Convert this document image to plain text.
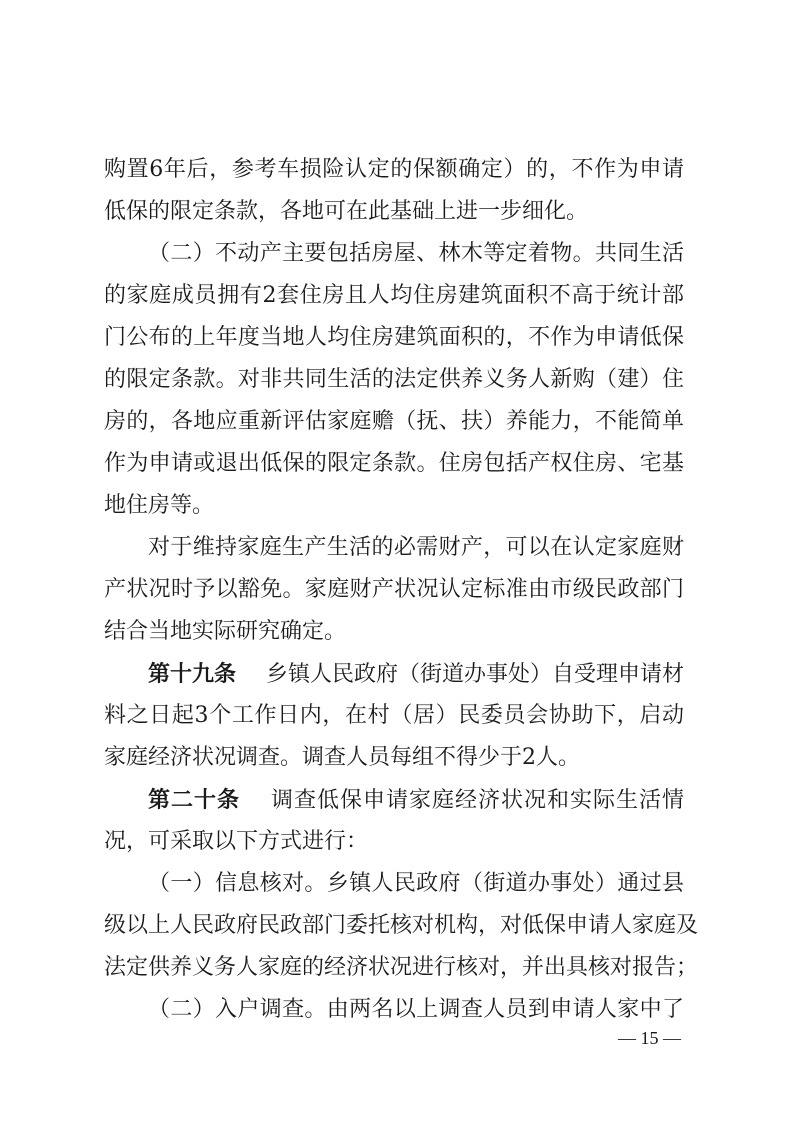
购置6年后，参考车损险认定的保额确定）的，不作为申请
低保的限定条款，各地可在此基础上进一步细化。
（二）不动产主要包括房屋、林木等定着物。共同生活
的家庭成员拥有2套住房且人均住房建筑面积不高于统计部
门公布的上年度当地人均住房建筑面积的，不作为申请低保
的限定条款。对非共同生活的法定供养义务人新购（建）住
房的，各地应重新评估家庭赡（抚、扶）养能力，不能简单
作为申请或退出低保的限定条款。住房包括产权住房、宅基
地住房等。
对于维持家庭生产生活的必需财产，可以在认定家庭财
产状况时予以豁免。家庭财产状况认定标准由市级民政部门
结合当地实际研究确定。
第十九条 乡镇人民政府（街道办事处）自受理申请材
料之日起3个工作日内，在村（居）民委员会协助下，启动
家庭经济状况调查。调查人员每组不得少于2人。
第二十条 调查低保申请家庭经济状况和实际生活情
况，可采取以下方式进行：
（一）信息核对。乡镇人民政府（街道办事处）通过县
级以上人民政府民政部门委托核对机构，对低保申请人家庭及
法定供养义务人家庭的经济状况进行核对，并出具核对报告；
（二）入户调查。由两名以上调查人员到申请人家中了
— 15 —
